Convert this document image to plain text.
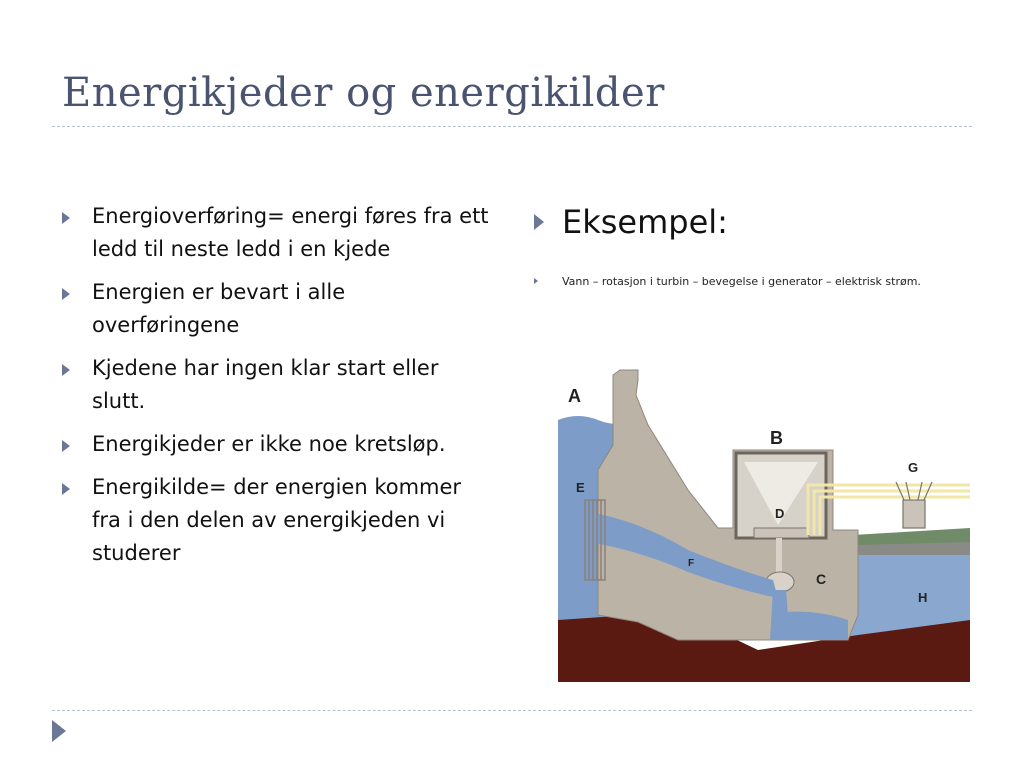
Energikjeder og energikilder
Energioverføring= energi føres fra ett ledd til neste ledd i en kjede
Energien er bevart i alle overføringene
Kjedene har ingen klar start eller slutt.
Energikjeder er ikke noe kretsløp.
Energikilde= der energien kommer fra i den delen av energikjeden vi studerer
Eksempel:
Vann – rotasjon i turbin – bevegelse i generator – elektrisk strøm.
A
B
C
D
E
F
G
H
